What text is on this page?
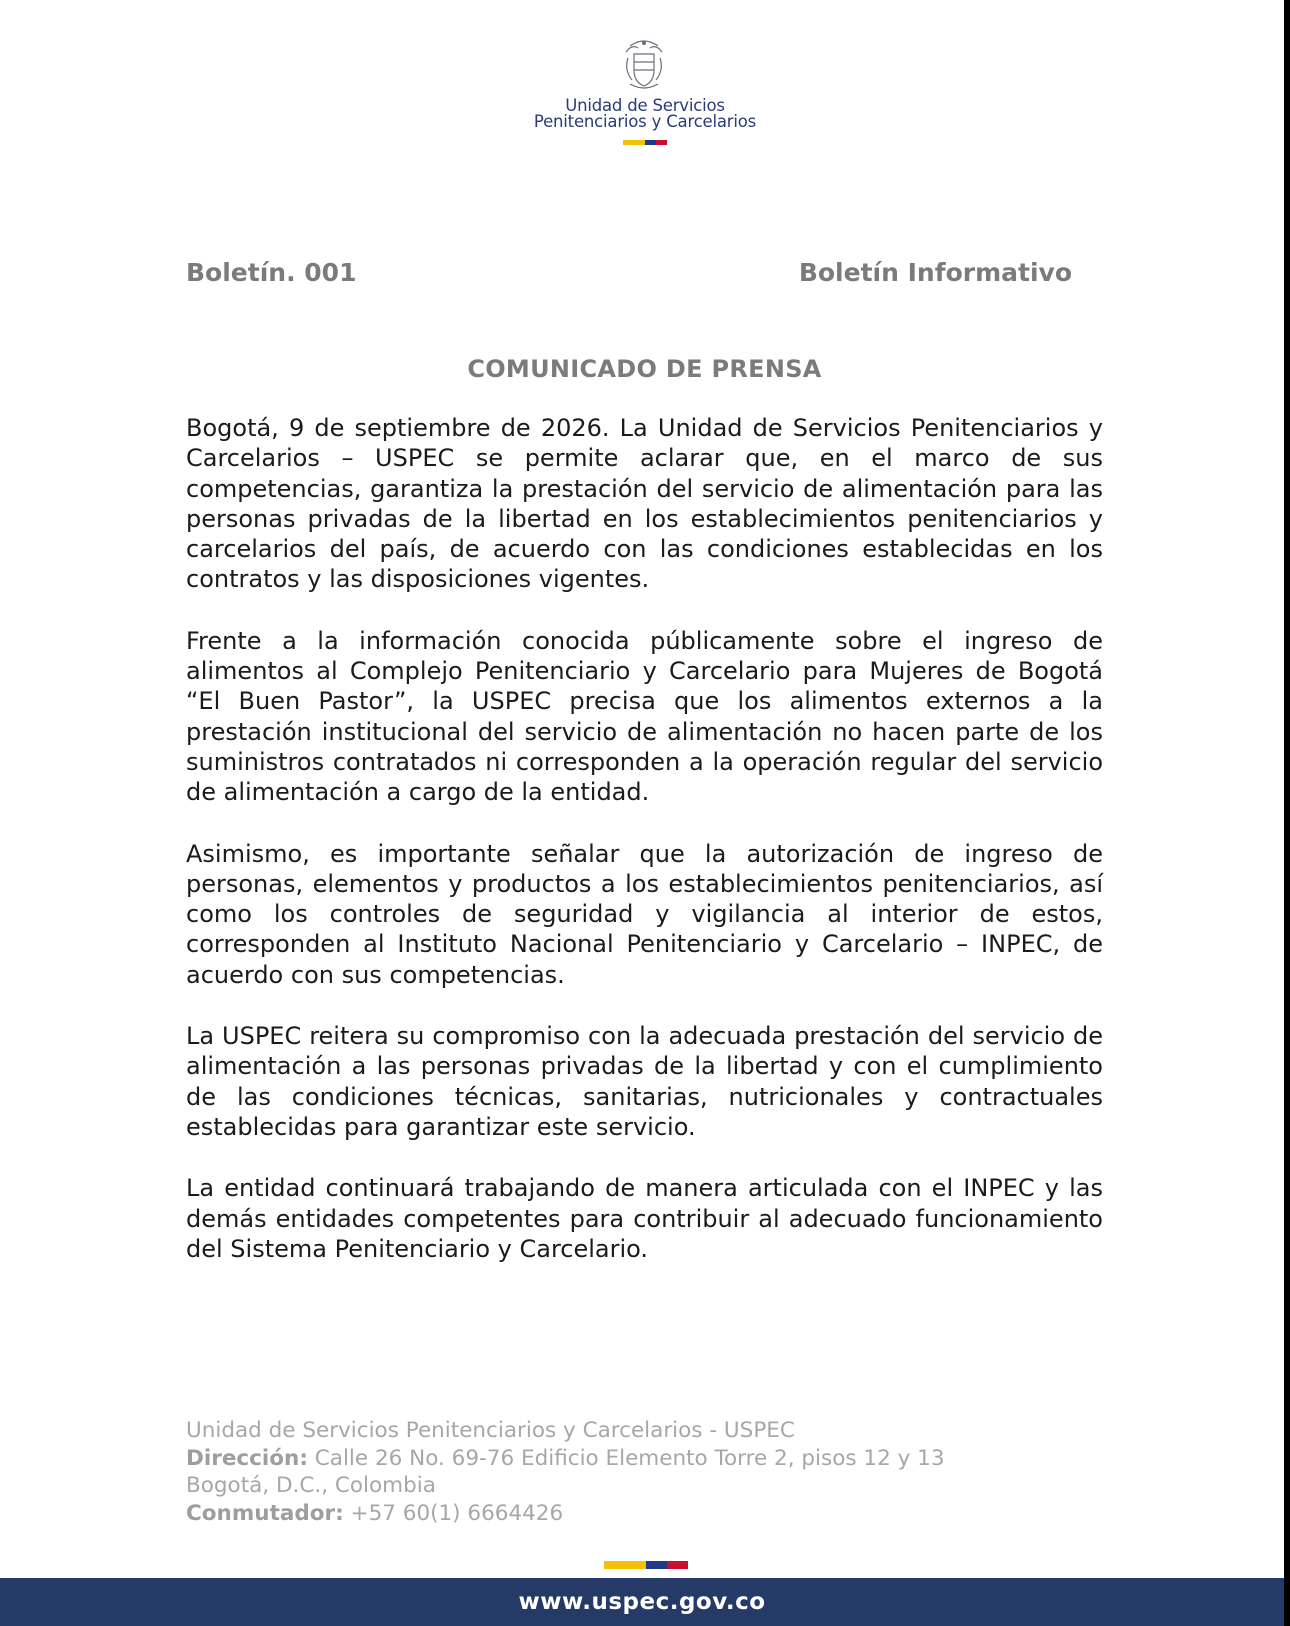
Unidad de Servicios
Penitenciarios y Carcelarios
Boletín. 001	Boletín Informativo
COMUNICADO DE PRENSA

Bogotá, 9 de septiembre de 2026. La Unidad de Servicios Penitenciarios y Carcelarios – USPEC se permite aclarar que, en el marco de sus competencias, garantiza la prestación del servicio de alimentación para las personas privadas de la libertad en los establecimientos penitenciarios y carcelarios del país, de acuerdo con las condiciones establecidas en los contratos y las disposiciones vigentes.

Frente a la información conocida públicamente sobre el ingreso de alimentos al Complejo Penitenciario y Carcelario para Mujeres de Bogotá “El Buen Pastor”, la USPEC precisa que los alimentos externos a la prestación institucional del servicio de alimentación no hacen parte de los suministros contratados ni corresponden a la operación regular del servicio de alimentación a cargo de la entidad.

Asimismo, es importante señalar que la autorización de ingreso de personas, elementos y productos a los establecimientos penitenciarios, así como los controles de seguridad y vigilancia al interior de estos, corresponden al Instituto Nacional Penitenciario y Carcelario – INPEC, de acuerdo con sus competencias.

La USPEC reitera su compromiso con la adecuada prestación del servicio de alimentación a las personas privadas de la libertad y con el cumplimiento de las condiciones técnicas, sanitarias, nutricionales y contractuales establecidas para garantizar este servicio.

La entidad continuará trabajando de manera articulada con el INPEC y las demás entidades competentes para contribuir al adecuado funcionamiento del Sistema Penitenciario y Carcelario.

Unidad de Servicios Penitenciarios y Carcelarios - USPEC
Dirección: Calle 26 No. 69-76 Edificio Elemento Torre 2, pisos 12 y 13
Bogotá, D.C., Colombia
Conmutador: +57 60(1) 6664426
www.uspec.gov.co
